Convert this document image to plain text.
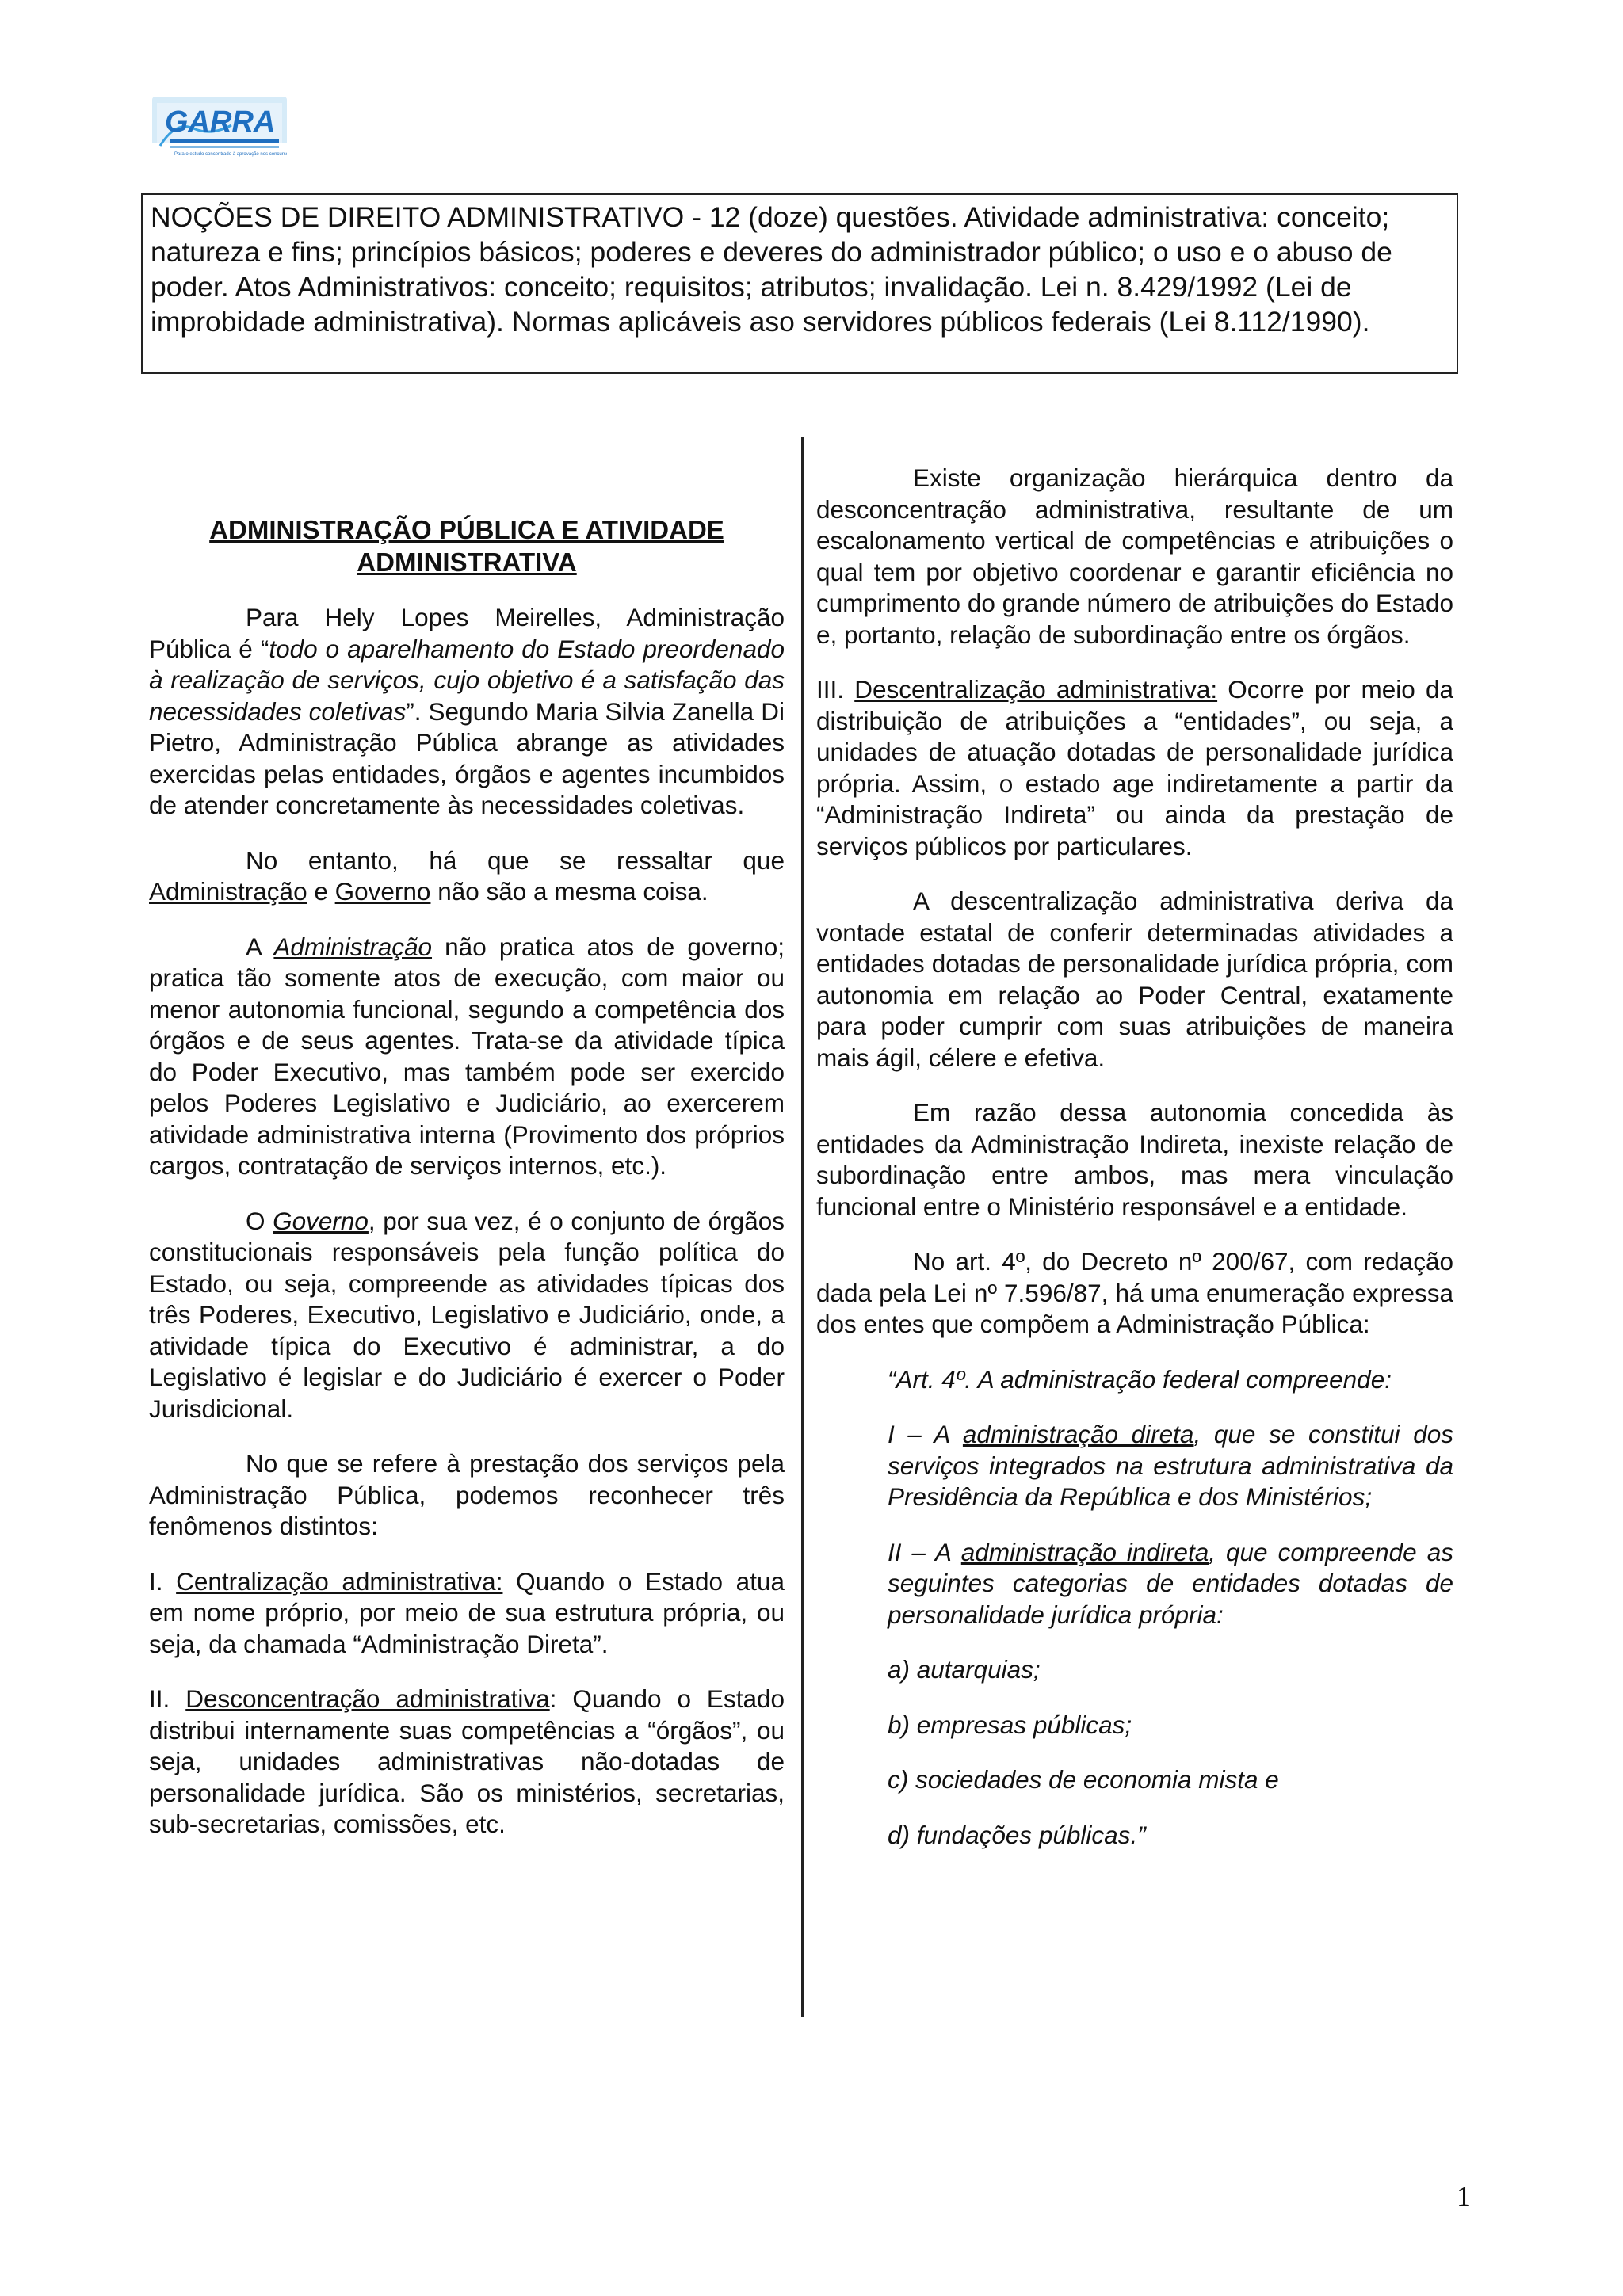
GARRA
Para o estudo concentrado à aprovação nos concursos
NOÇÕES DE DIREITO ADMINISTRATIVO - 12 (doze) questões. Atividade administrativa: conceito; natureza e fins; princípios básicos; poderes e deveres do administrador público; o uso e o abuso de poder. Atos Administrativos: conceito; requisitos; atributos; invalidação. Lei n. 8.429/1992 (Lei de improbidade administrativa). Normas aplicáveis aso servidores públicos federais (Lei 8.112/1990).
ADMINISTRAÇÃO PÚBLICA E ATIVIDADE
ADMINISTRATIVA

Para Hely Lopes Meirelles, Administração Pública é “todo o aparelhamento do Estado preordenado à realização de serviços, cujo objetivo é a satisfação das necessidades coletivas”. Segundo Maria Silvia Zanella Di Pietro, Administração Pública abrange as atividades exercidas pelas entidades, órgãos e agentes incumbidos de atender concretamente às necessidades coletivas.

No entanto, há que se ressaltar que Administração e Governo não são a mesma coisa.

A Administração não pratica atos de governo; pratica tão somente atos de execução, com maior ou menor autonomia funcional, segundo a competência dos órgãos e de seus agentes. Trata-se da atividade típica do Poder Executivo, mas também pode ser exercido pelos Poderes Legislativo e Judiciário, ao exercerem atividade administrativa interna (Provimento dos próprios cargos, contratação de serviços internos, etc.).

O Governo, por sua vez, é o conjunto de órgãos constitucionais responsáveis pela função política do Estado, ou seja, compreende as atividades típicas dos três Poderes, Executivo, Legislativo e Judiciário, onde, a atividade típica do Executivo é administrar, a do Legislativo é legislar e do Judiciário é exercer o Poder Jurisdicional.

No que se refere à prestação dos serviços pela Administração Pública, podemos reconhecer três fenômenos distintos:

I. Centralização administrativa: Quando o Estado atua em nome próprio, por meio de sua estrutura própria, ou seja, da chamada “Administração Direta”.

II. Desconcentração administrativa: Quando o Estado distribui internamente suas competências a “órgãos”, ou seja, unidades administrativas não-dotadas de personalidade jurídica. São os ministérios, secretarias, sub-secretarias, comissões, etc.

Existe organização hierárquica dentro da desconcentração administrativa, resultante de um escalonamento vertical de competências e atribuições o qual tem por objetivo coordenar e garantir eficiência no cumprimento do grande número de atribuições do Estado e, portanto, relação de subordinação entre os órgãos.

III. Descentralização administrativa: Ocorre por meio da distribuição de atribuições a “entidades”, ou seja, a unidades de atuação dotadas de personalidade jurídica própria. Assim, o estado age indiretamente a partir da “Administração Indireta” ou ainda da prestação de serviços públicos por particulares.

A descentralização administrativa deriva da vontade estatal de conferir determinadas atividades a entidades dotadas de personalidade jurídica própria, com autonomia em relação ao Poder Central, exatamente para poder cumprir com suas atribuições de maneira mais ágil, célere e efetiva.

Em razão dessa autonomia concedida às entidades da Administração Indireta, inexiste relação de subordinação entre ambos, mas mera vinculação funcional entre o Ministério responsável e a entidade.

No art. 4º, do Decreto nº 200/67, com redação dada pela Lei nº 7.596/87, há uma enumeração expressa dos entes que compõem a Administração Pública:

“Art. 4º. A administração federal compreende:

I – A administração direta, que se constitui dos serviços integrados na estrutura administrativa da Presidência da República e dos Ministérios;

II – A administração indireta, que compreende as seguintes categorias de entidades dotadas de personalidade jurídica própria:

a) autarquias;

b) empresas públicas;

c) sociedades de economia mista e

d) fundações públicas.”

1
